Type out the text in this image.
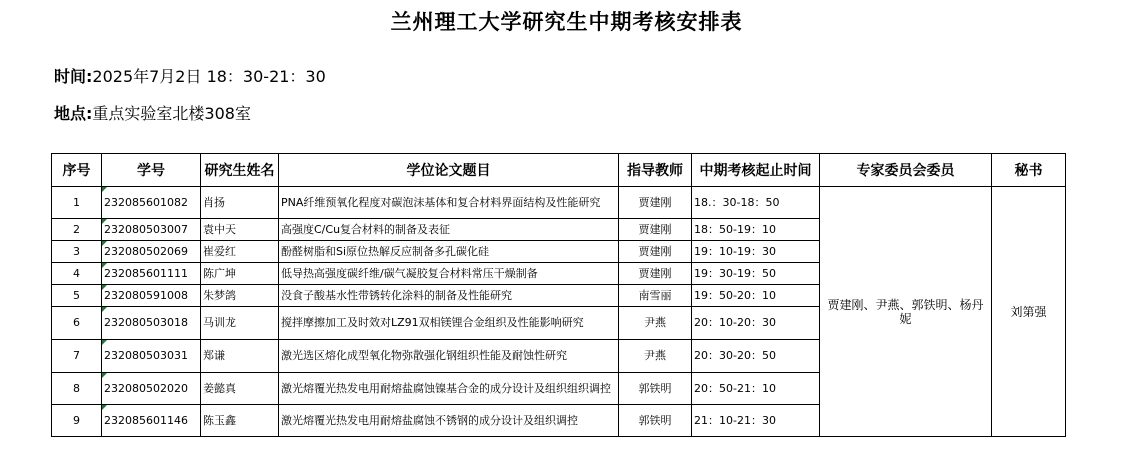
兰州理工大学研究生中期考核安排表
时间:2025年7月2日 18：30-21：30
地点:重点实验室北楼308室
序号	学号	研究生姓名	学位论文题目	指导教师	中期考核起止时间	专家委员会委员	秘书
1	232085601082	肖扬	PNA纤维预氧化程度对碳泡沫基体和复合材料界面结构及性能研究	贾建刚	18.：30-18：50	贾建刚、尹燕、郭铁明、杨丹妮	刘第强
2	232080503007	袁中天	高强度C/Cu复合材料的制备及表征	贾建刚	18：50-19：10		
3	232080502069	崔爱红	酚醛树脂和Si原位热解反应制备多孔碳化硅	贾建刚	19：10-19：30		
4	232085601111	陈广坤	低导热高强度碳纤维/碳气凝胶复合材料常压干燥制备	贾建刚	19：30-19：50		
5	232080591008	朱梦鸽	没食子酸基水性带锈转化涂料的制备及性能研究	南雪丽	19：50-20：10		
6	232080503018	马训龙	搅拌摩擦加工及时效对LZ91双相镁锂合金组织及性能影响研究	尹燕	20：10-20：30		
7	232080503031	郑谦	激光选区熔化成型氧化物弥散强化钢组织性能及耐蚀性研究	尹燕	20：30-20：50		
8	232080502020	姜懿真	激光熔覆光热发电用耐熔盐腐蚀镍基合金的成分设计及组织组织调控	郭铁明	20：50-21：10		
9	232085601146	陈玉鑫	激光熔覆光热发电用耐熔盐腐蚀不锈钢的成分设计及组织调控	郭铁明	21：10-21：30		
